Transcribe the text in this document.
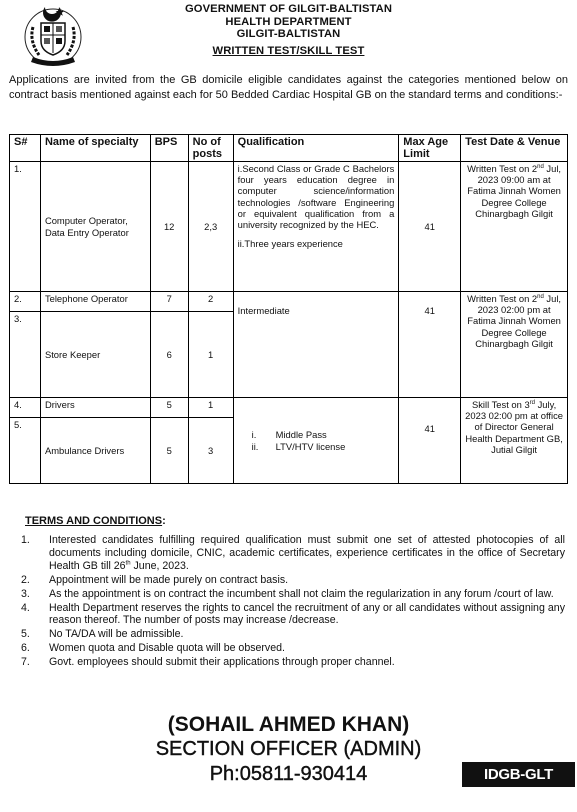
GOVERNMENT OF GILGIT-BALTISTAN
HEALTH DEPARTMENT
GILGIT-BALTISTAN
WRITTEN TEST/SKILL TEST
Applications are invited from the GB domicile eligible candidates against the categories mentioned below on contract basis mentioned against each for 50 Bedded Cardiac Hospital GB on the standard terms and conditions:-
S#	Name of specialty	BPS	No of posts	Qualification	Max Age Limit	Test Date & Venue
1.	Computer Operator, Data Entry Operator	12	2,3	i.Second Class or Grade C Bachelors four years education degree in computer science/information technologies /software Engineering or equivalent qualification from a university recognized by the HEC.
ii.Three years experience	41	Written Test on 2nd Jul, 2023 09:00 am at Fatima Jinnah Women Degree College Chinargbagh Gilgit
2.	Telephone Operator	7	2	Intermediate	41	Written Test on 2nd Jul, 2023 02:00 pm at Fatima Jinnah Women Degree College Chinargbagh Gilgit
3.	Store Keeper	6	1			
4.	Drivers	5	1	i. Middle Pass
ii. LTV/HTV license	41	Skill Test on 3rd July, 2023 02:00 pm at office of Director General Health Department GB, Jutial Gilgit
5.	Ambulance Drivers	5	3			
TERMS AND CONDITIONS:
1.	Interested candidates fulfilling required qualification must submit one set of attested photocopies of all documents including domicile, CNIC, academic certificates, experience certificates in the office of Secretary Health GB till 26th June, 2023.
2.	Appointment will be made purely on contract basis.
3.	As the appointment is on contract the incumbent shall not claim the regularization in any forum /court of law.
4.	Health Department reserves the rights to cancel the recruitment of any or all candidates without assigning any reason thereof. The number of posts may increase /decrease.
5.	No TA/DA will be admissible.
6.	Women quota and Disable quota will be observed.
7.	Govt. employees should submit their applications through proper channel.
(SOHAIL AHMED KHAN)
SECTION OFFICER (ADMIN)
Ph:05811-930414	IDGB-GLT 387/23
